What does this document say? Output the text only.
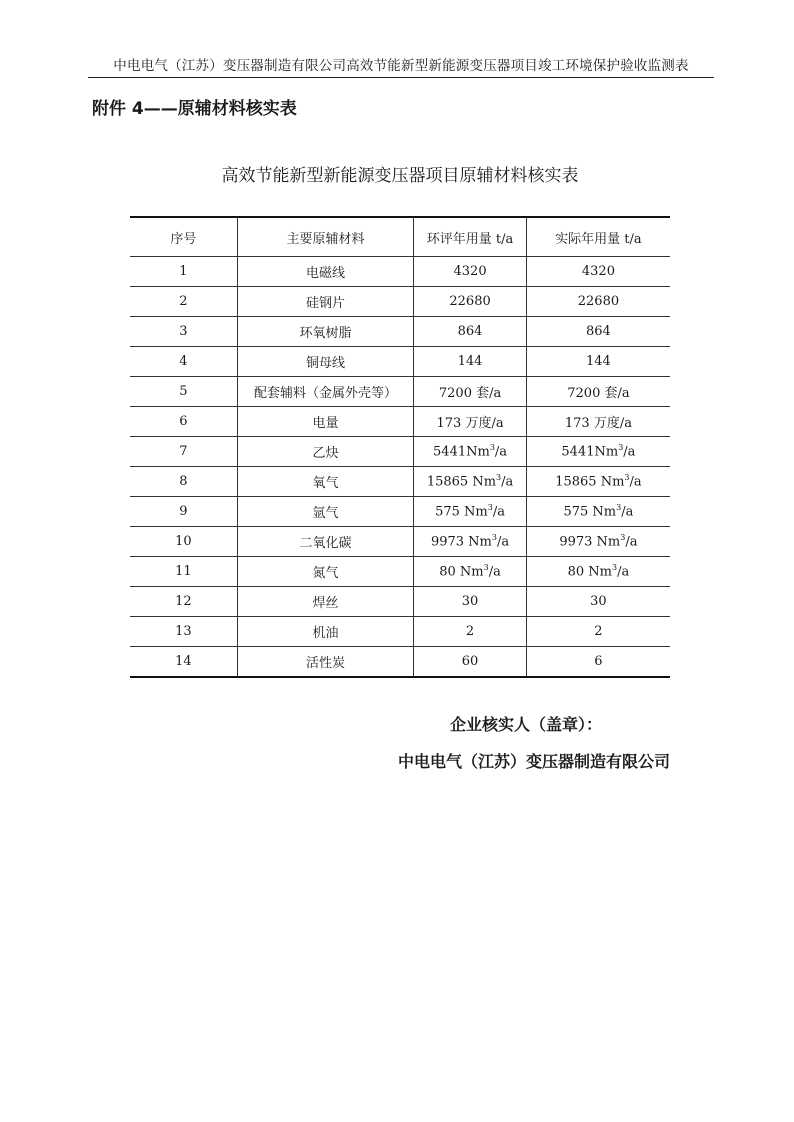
中电电气（江苏）变压器制造有限公司高效节能新型新能源变压器项目竣工环境保护验收监测表
附件 4——原辅材料核实表
高效节能新型新能源变压器项目原辅材料核实表
序号	主要原辅材料	环评年用量 t/a	实际年用量 t/a
1	电磁线	4320	4320
2	硅钢片	22680	22680
3	环氧树脂	864	864
4	铜母线	144	144
5	配套辅料（金属外壳等）	7200 套/a	7200 套/a
6	电量	173 万度/a	173 万度/a
7	乙炔	5441Nm$^3$/a	5441Nm$^3$/a
8	氧气	15865 Nm$^3$/a	15865 Nm$^3$/a
9	氩气	575 Nm$^3$/a	575 Nm$^3$/a
10	二氧化碳	9973 Nm$^3$/a	9973 Nm$^3$/a
11	氮气	80 Nm$^3$/a	80 Nm$^3$/a
12	焊丝	30	30
13	机油	2	2
14	活性炭	60	6
企业核实人（盖章）：
中电电气（江苏）变压器制造有限公司
